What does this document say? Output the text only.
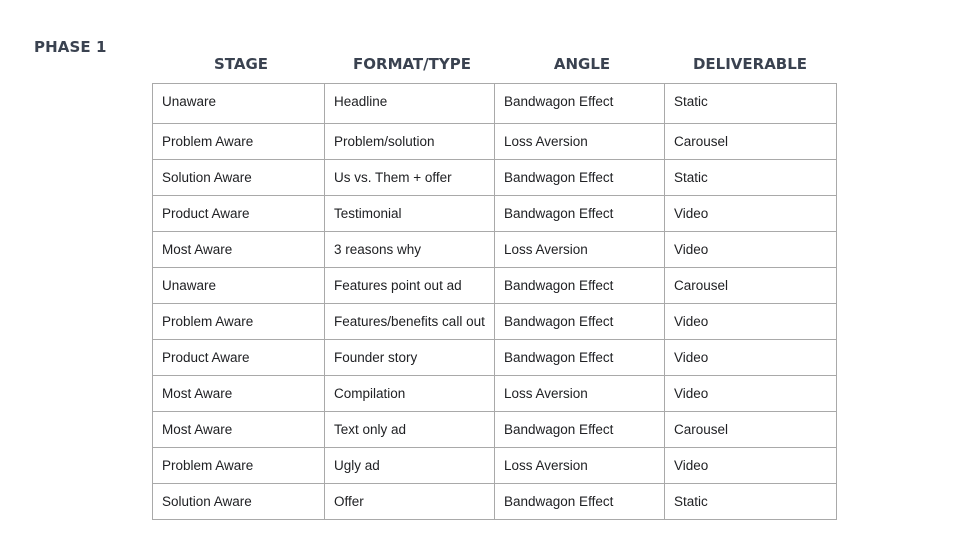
PHASE 1
STAGE	FORMAT/TYPE	ANGLE	DELIVERABLE
Unaware	Headline	Bandwagon Effect	Static
Problem Aware	Problem/solution	Loss Aversion	Carousel
Solution Aware	Us vs. Them + offer	Bandwagon Effect	Static
Product Aware	Testimonial	Bandwagon Effect	Video
Most Aware	3 reasons why	Loss Aversion	Video
Unaware	Features point out ad	Bandwagon Effect	Carousel
Problem Aware	Features/benefits call out	Bandwagon Effect	Video
Product Aware	Founder story	Bandwagon Effect	Video
Most Aware	Compilation	Loss Aversion	Video
Most Aware	Text only ad	Bandwagon Effect	Carousel
Problem Aware	Ugly ad	Loss Aversion	Video
Solution Aware	Offer	Bandwagon Effect	Static
